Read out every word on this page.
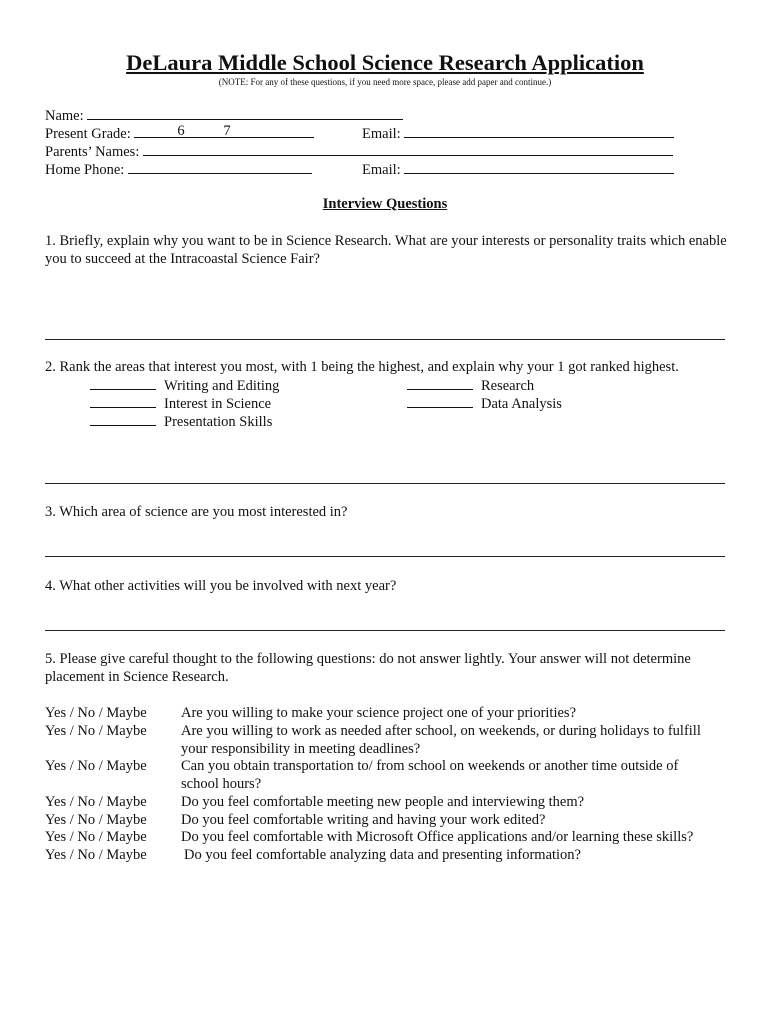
DeLaura Middle School Science Research Application
(NOTE: For any of these questions, if you need more space, please add paper and continue.)
Name:
Present Grade:	6	7	Email:
Parents’ Names:
Home Phone:	Email:
Interview Questions
1. Briefly, explain why you want to be in Science Research. What are your interests or personality traits which enable you to succeed at the Intracoastal Science Fair?
2. Rank the areas that interest you most, with 1 being the highest, and explain why your 1 got ranked highest.
Writing and Editing	Research
Interest in Science	Data Analysis
Presentation Skills
3. Which area of science are you most interested in?
4. What other activities will you be involved with next year?
5. Please give careful thought to the following questions: do not answer lightly. Your answer will not determine placement in Science Research.
Yes / No / Maybe Are you willing to make your science project one of your priorities?
Yes / No / Maybe Are you willing to work as needed after school, on weekends, or during holidays to fulfill your responsibility in meeting deadlines?
Yes / No / Maybe Can you obtain transportation to/ from school on weekends or another time outside of school hours?
Yes / No / Maybe Do you feel comfortable meeting new people and interviewing them?
Yes / No / Maybe Do you feel comfortable writing and having your work edited?
Yes / No / Maybe Do you feel comfortable with Microsoft Office applications and/or learning these skills?
Yes / No / Maybe	Do you feel comfortable analyzing data and presenting information?
